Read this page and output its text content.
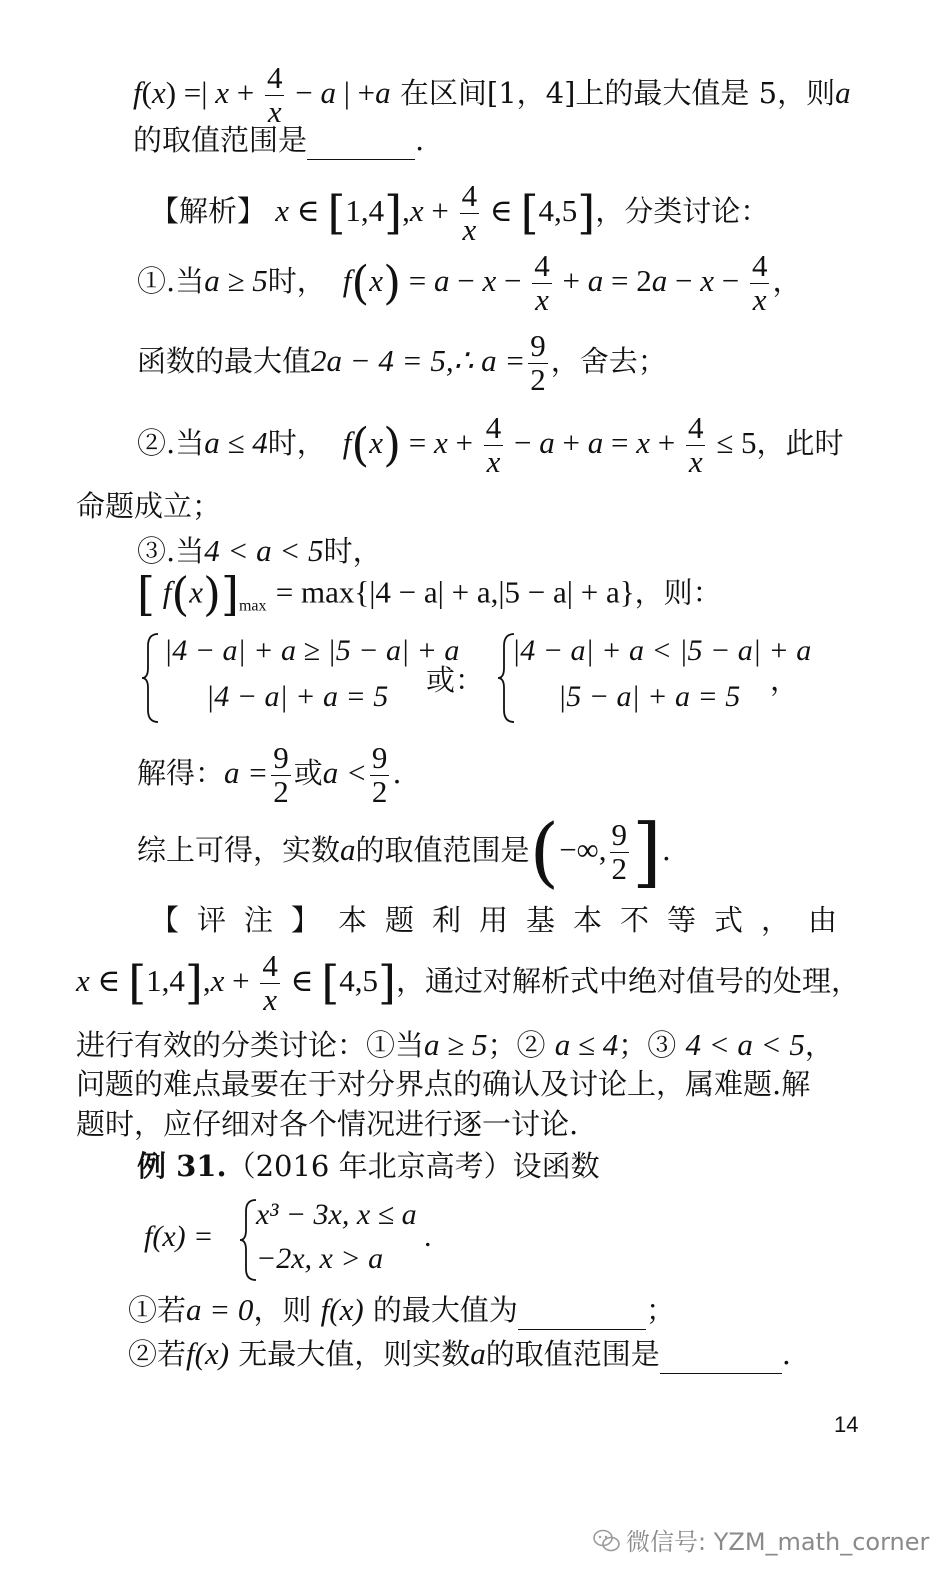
f(x) =| $x + \frac{4}{x} - a$ | +a 在区间[1，4]上的最大值是 5，则a
的取值范围是	.
【解析】 x ∈ $[1,4],x + \frac{4}{x}$ ∈ [4,5]，分类讨论：
①.当a ≥ 5时，  $f(x) = a - x - \frac{4}{x} + a = 2a - x - \frac{4}{x}$ ，
函数的最大值2a − 4 = 5,∴ $a = \frac{9}{2}$ ，舍去；
②.当a ≤ 4时，  $f(x) = x + \frac{4}{x} - a + a = x + \frac{4}{x} \le 5$，此时
命题成立；
③.当4 < a < 5时，
[ $f(x)]_{max} = \max\{|4 - a| + a,|5 - a| + a\}$，则：
|4 − a| + a ≥ |5 − a| + a
|4 − a| + a = 5 或：
|4 − a| + a < |5 − a| + a
|5 − a| + a = 5 ，
解得：$a = \frac{9}{2}$ 或$a < \frac{9}{2}$ .
综上可得，实数a的取值范围是(−∞, $\frac{9}{2}$ ].
【评注】本题利用基本不等式，由
x ∈ $[1,4],x + \frac{4}{x}$ ∈ [4,5]，通过对解析式中绝对值号的处理，
进行有效的分类讨论：①当a ≥ 5；② a ≤ 4；③ 4 < a < 5，
问题的难点最要在于对分界点的确认及讨论上，属难题.解
题时，应仔细对各个情况进行逐一讨论.
例 31.（2016 年北京高考）设函数
f(x) =
x³ − 3x, x ≤ a
−2x, x > a
.
①若a = 0，则 f(x) 的最大值为	；
②若f(x) 无最大值，则实数a的取值范围是	.
14
微信号: YZM_math_corner
